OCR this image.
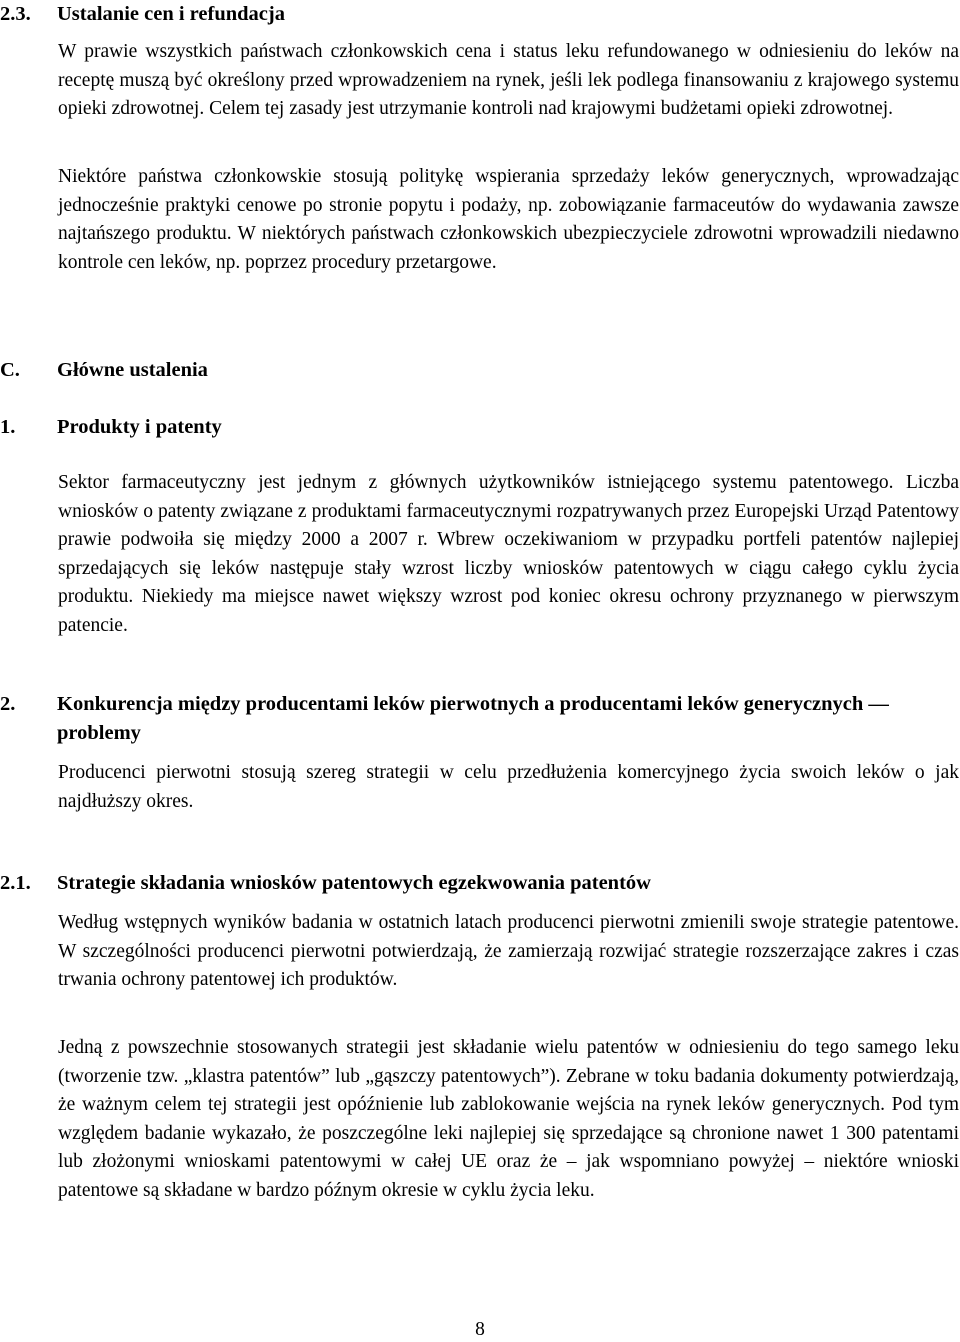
2.3. Ustalanie cen i refundacja

W prawie wszystkich państwach członkowskich cena i status leku refundowanego w odniesieniu do leków na receptę muszą być określony przed wprowadzeniem na rynek, jeśli lek podlega finansowaniu z krajowego systemu opieki zdrowotnej. Celem tej zasady jest utrzymanie kontroli nad krajowymi budżetami opieki zdrowotnej.

Niektóre państwa członkowskie stosują politykę wspierania sprzedaży leków generycznych, wprowadzając jednocześnie praktyki cenowe po stronie popytu i podaży, np. zobowiązanie farmaceutów do wydawania zawsze najtańszego produktu. W niektórych państwach członkowskich ubezpieczyciele zdrowotni wprowadzili niedawno kontrole cen leków, np. poprzez procedury przetargowe.

C. Główne ustalenia
1. Produkty i patenty

Sektor farmaceutyczny jest jednym z głównych użytkowników istniejącego systemu patentowego. Liczba wniosków o patenty związane z produktami farmaceutycznymi rozpatrywanych przez Europejski Urząd Patentowy prawie podwoiła się między 2000 a 2007 r. Wbrew oczekiwaniom w przypadku portfeli patentów najlepiej sprzedających się leków następuje stały wzrost liczby wniosków patentowych w ciągu całego cyklu życia produktu. Niekiedy ma miejsce nawet większy wzrost pod koniec okresu ochrony przyznanego w pierwszym patencie.

2. Konkurencja między producentami leków pierwotnych a producentami leków generycznych — problemy

Producenci pierwotni stosują szereg strategii w celu przedłużenia komercyjnego życia swoich leków o jak najdłuższy okres.

2.1. Strategie składania wniosków patentowych egzekwowania patentów

Według wstępnych wyników badania w ostatnich latach producenci pierwotni zmienili swoje strategie patentowe. W szczególności producenci pierwotni potwierdzają, że zamierzają rozwijać strategie rozszerzające zakres i czas trwania ochrony patentowej ich produktów.

Jedną z powszechnie stosowanych strategii jest składanie wielu patentów w odniesieniu do tego samego leku (tworzenie tzw. „klastra patentów” lub „gąszczy patentowych”). Zebrane w toku badania dokumenty potwierdzają, że ważnym celem tej strategii jest opóźnienie lub zablokowanie wejścia na rynek leków generycznych. Pod tym względem badanie wykazało, że poszczególne leki najlepiej się sprzedające są chronione nawet 1 300 patentami lub złożonymi wnioskami patentowymi w całej UE oraz że – jak wspomniano powyżej – niektóre wnioski patentowe są składane w bardzo późnym okresie w cyklu życia leku.

8
